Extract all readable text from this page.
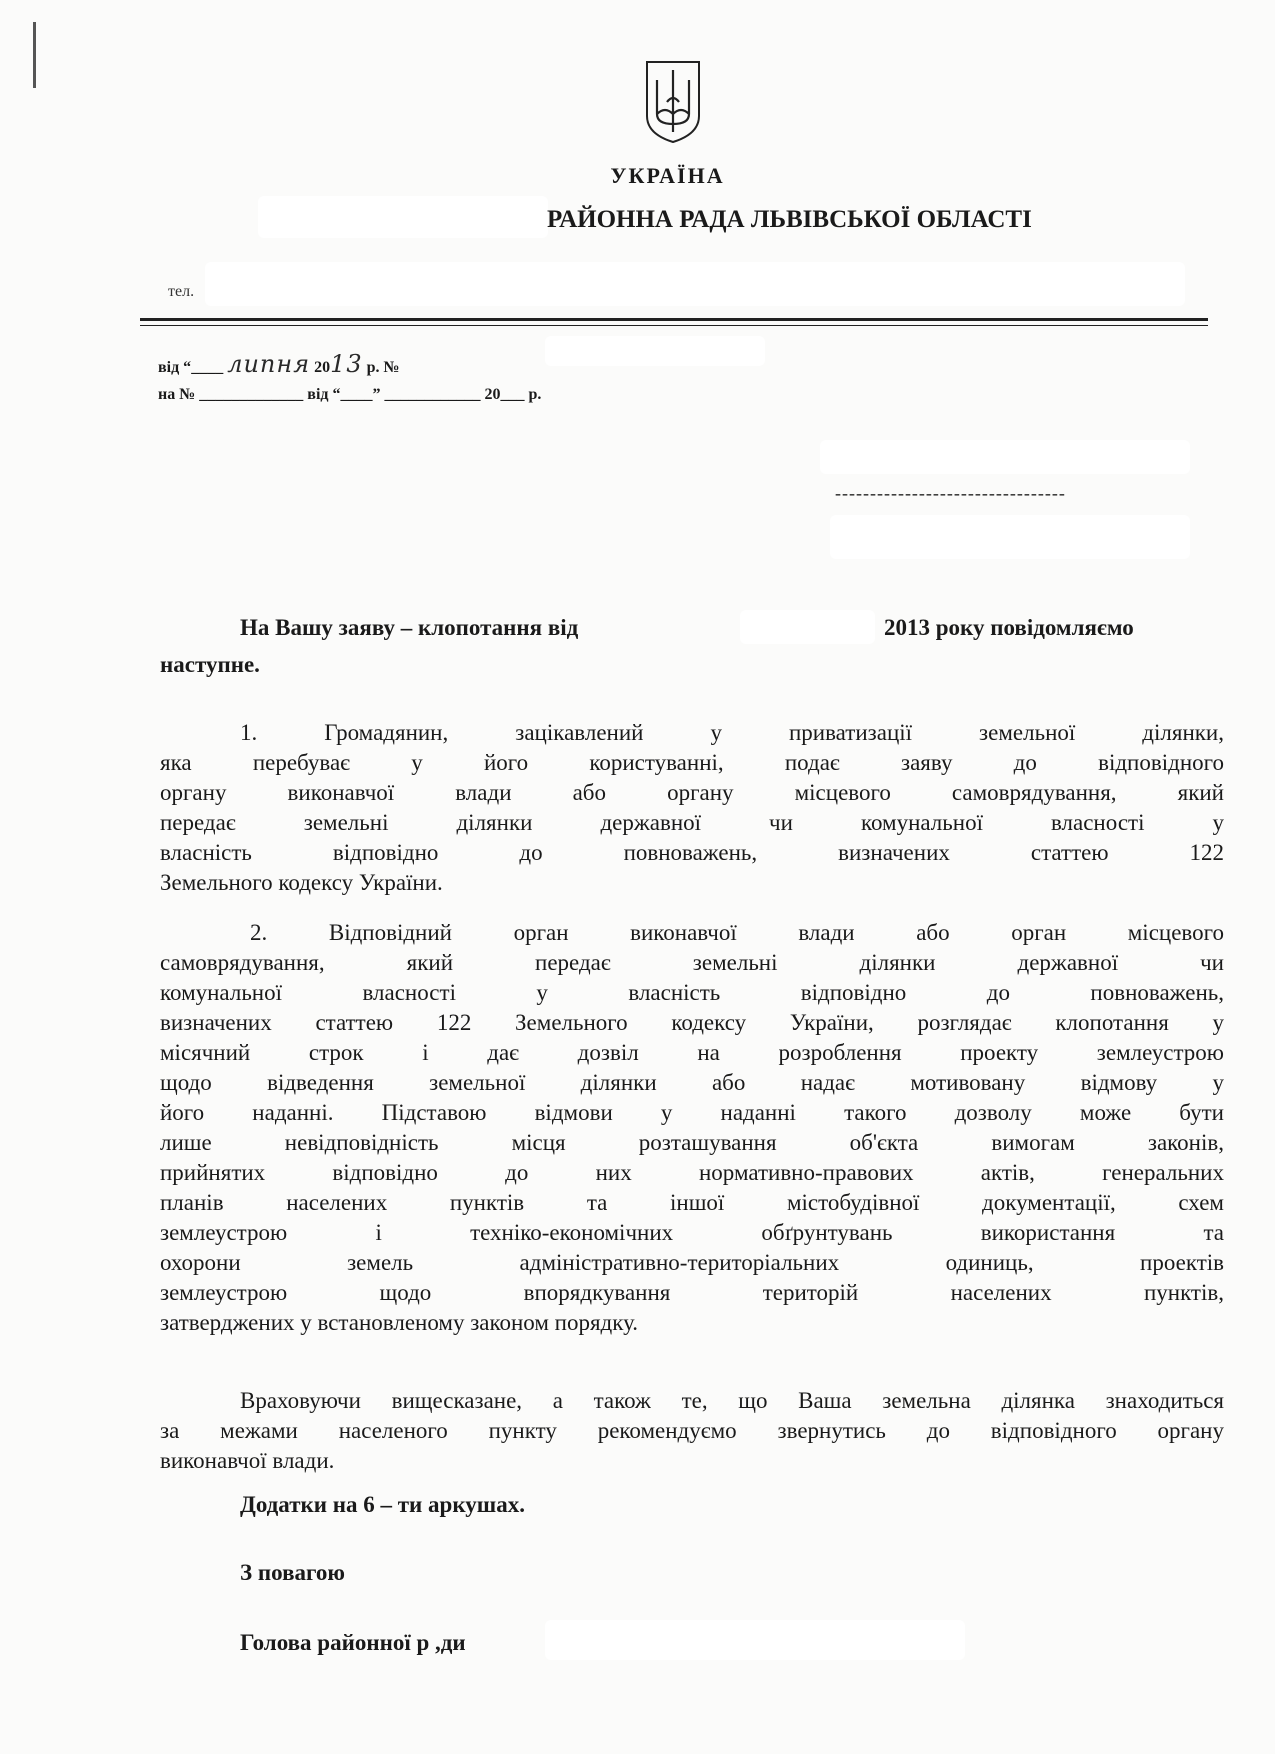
УКРАЇНА
РАЙОННА РАДА ЛЬВІВСЬКОЇ ОБЛАСТІ
тел.
від “____ липня 2013 р. №
на № _____________ від “____” ____________ 20___ р.
---------------------------------
На Вашу заяву – клопотання від	2013 року повідомляємо
наступне.

1. Громадянин, зацікавлений у приватизації земельної ділянки,

яка перебуває у його користуванні, подає заяву до відповідного

органу виконавчої влади або органу місцевого самоврядування, який

передає земельні ділянки державної чи комунальної власності у

власність відповідно до повноважень, визначених статтею 122

Земельного кодексу України.

2. Відповідний орган виконавчої влади або орган місцевого

самоврядування, який передає земельні ділянки державної чи

комунальної власності у власність відповідно до повноважень,

визначених статтею 122 Земельного кодексу України, розглядає клопотання у

місячний строк і дає дозвіл на розроблення проекту землеустрою

щодо відведення земельної ділянки або надає мотивовану відмову у

його наданні. Підставою відмови у наданні такого дозволу може бути

лише невідповідність місця розташування об'єкта вимогам законів,

прийнятих відповідно до них нормативно-правових актів, генеральних

планів населених пунктів та іншої містобудівної документації, схем

землеустрою і техніко-економічних обґрунтувань використання та

охорони земель адміністративно-територіальних одиниць, проектів

землеустрою щодо впорядкування територій населених пунктів,

затверджених у встановленому законом порядку.

Враховуючи вищесказане, а також те, що Ваша земельна ділянка знаходиться

за межами населеного пункту рекомендуємо звернутись до відповідного органу

виконавчої влади.

Додатки на 6 – ти аркушах.
З повагою
Голова районної р ,ди
